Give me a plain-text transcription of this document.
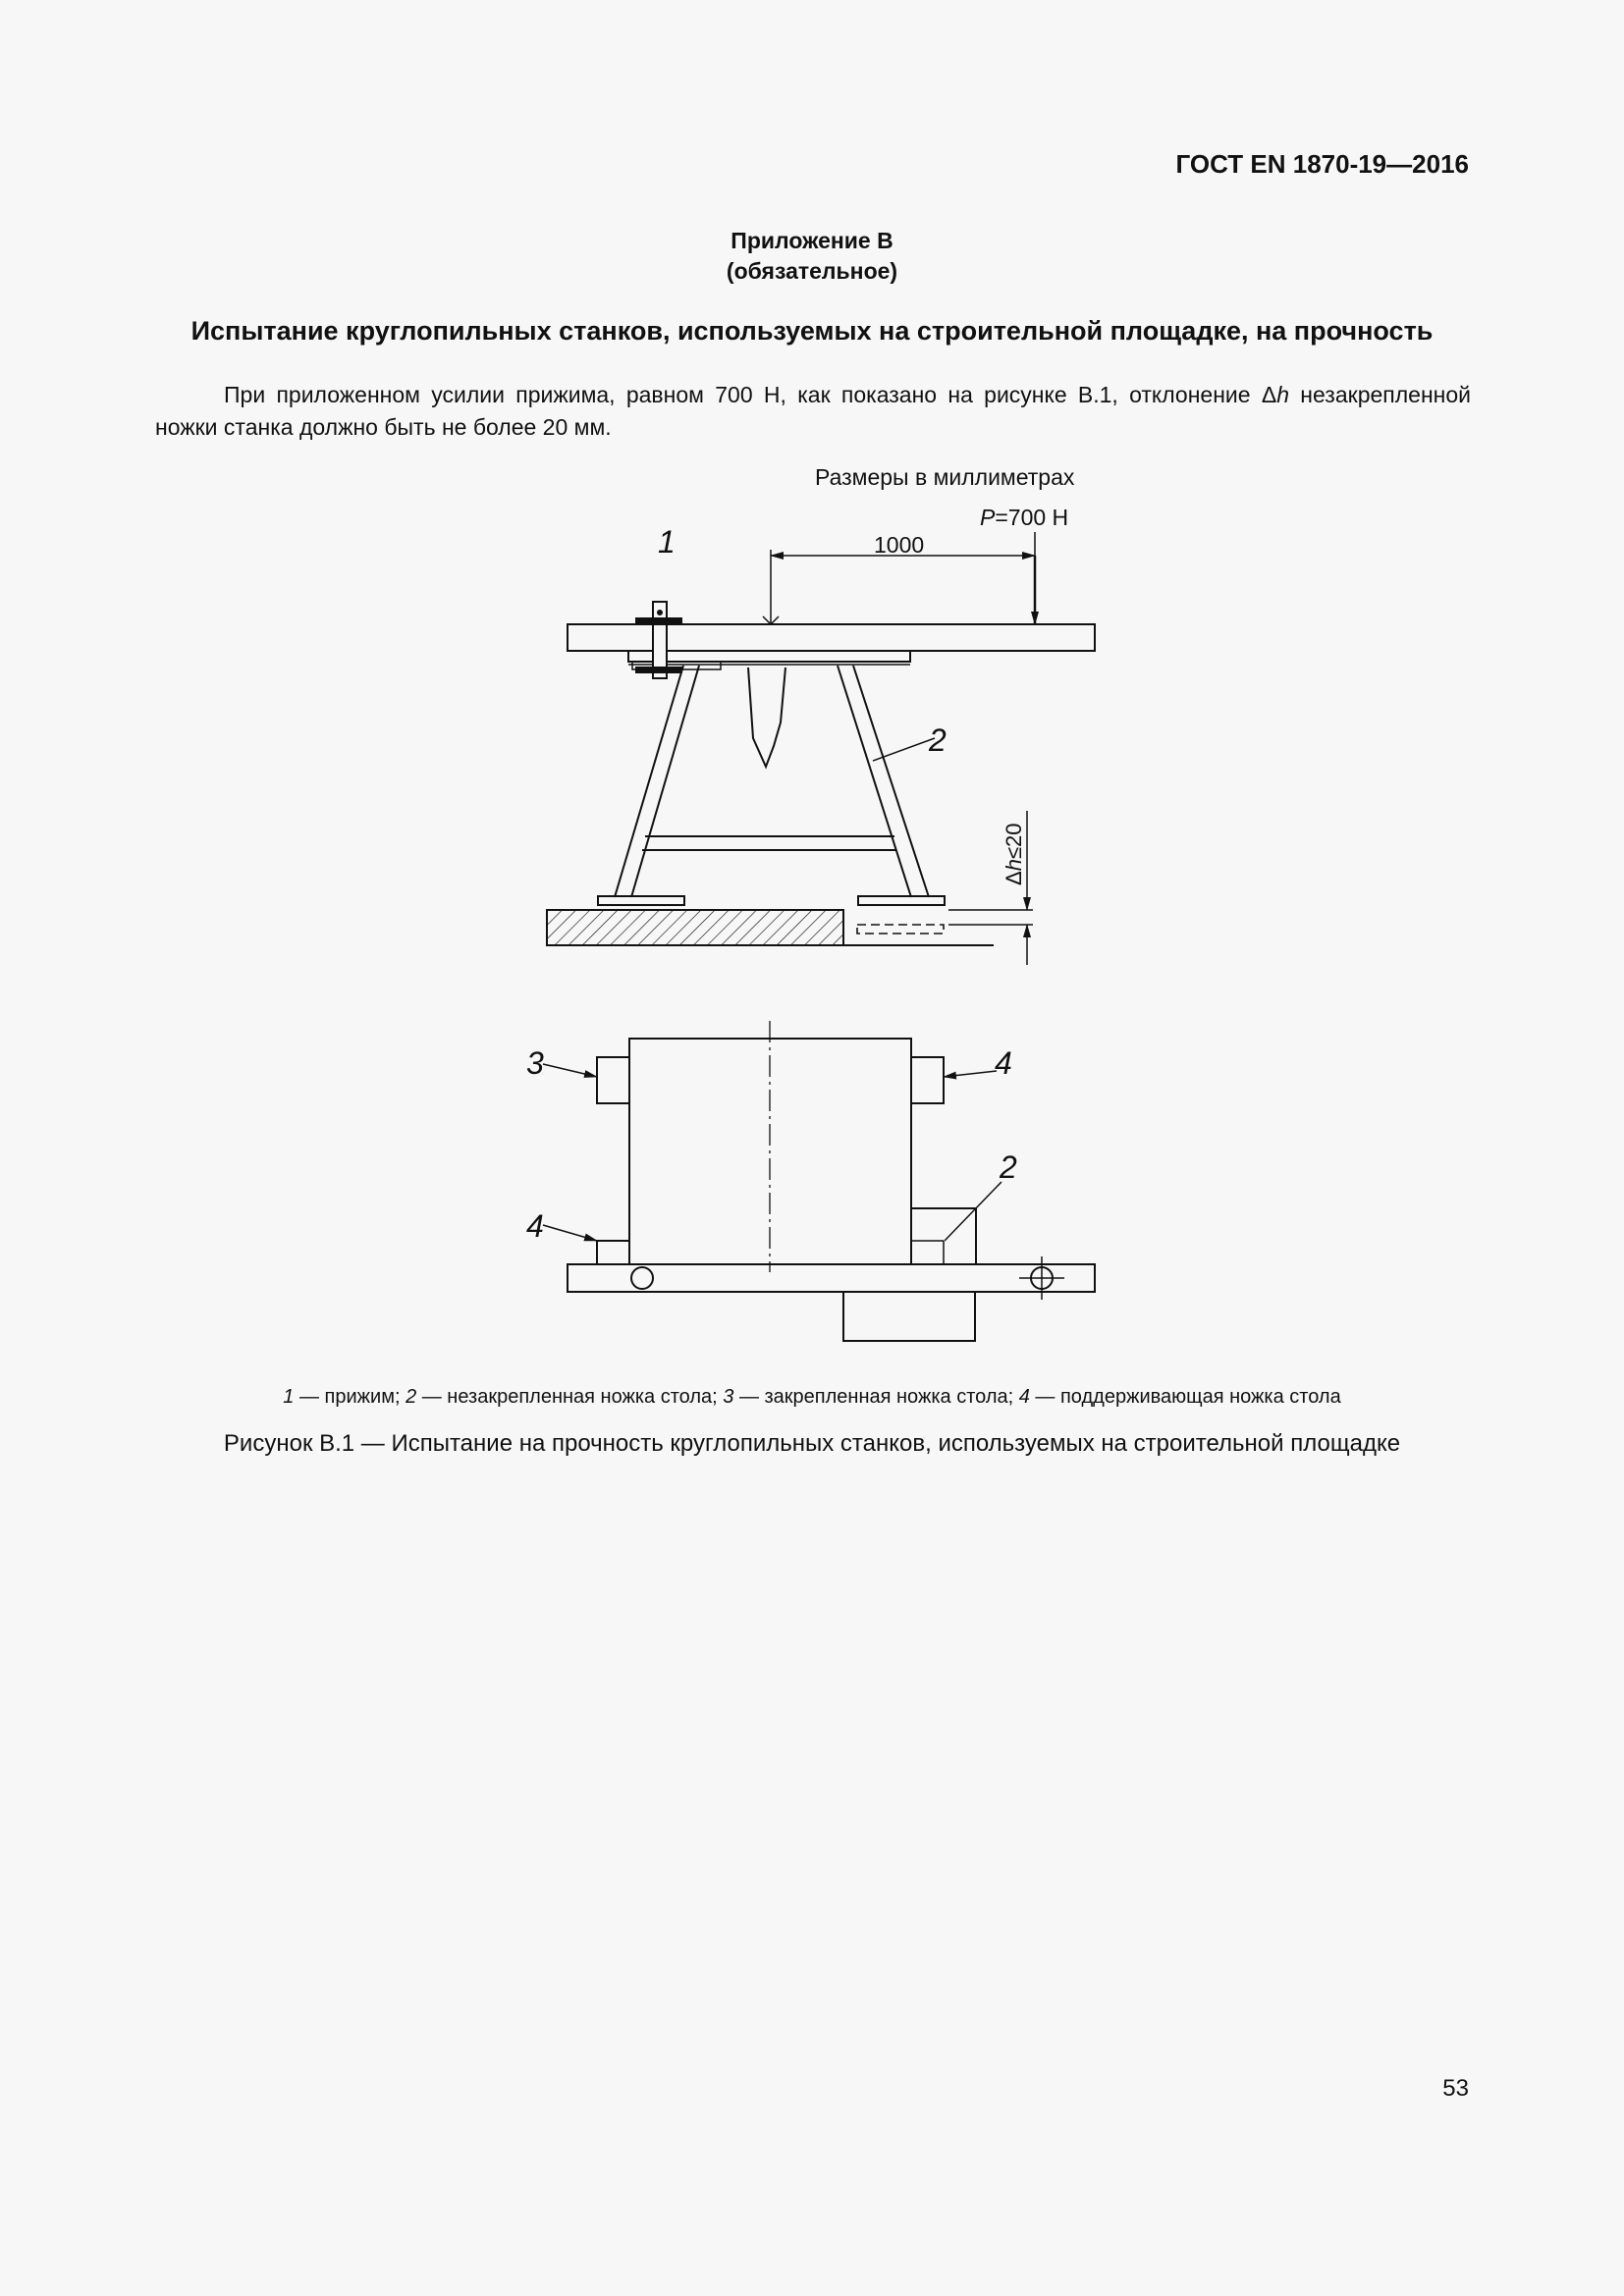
ГОСТ EN 1870-19—2016
Приложение В
(обязательное)
Испытание круглопильных станков, используемых на строительной площадке, на прочность
При приложенном усилии прижима, равном 700 Н, как показано на рисунке В.1, отклонение Δh незакрепленной ножки станка должно быть не более 20 мм.
Размеры в миллиметрах
1
2
1000
P=700 Н
Δh≤20
3	4
4
2
1 — прижим; 2 — незакрепленная ножка стола; 3 — закрепленная ножка стола; 4 — поддерживающая ножка стола
Рисунок В.1 — Испытание на прочность круглопильных станков, используемых на строительной площадке
53
